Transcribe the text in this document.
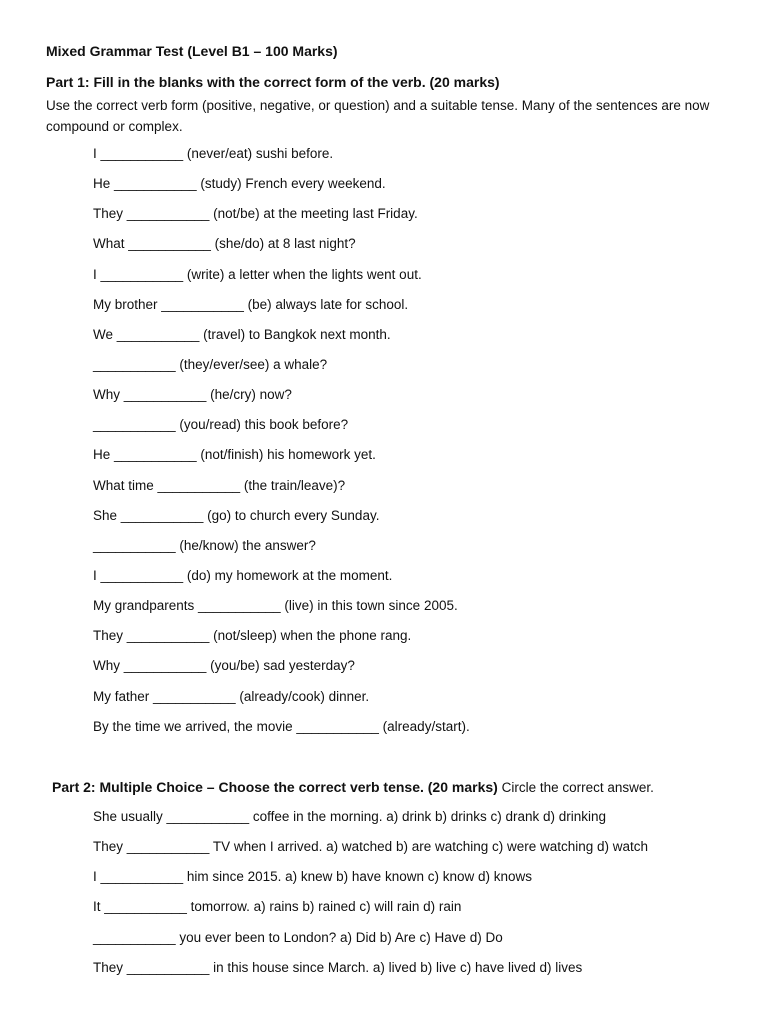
Mixed Grammar Test (Level B1 – 100 Marks)
Part 1: Fill in the blanks with the correct form of the verb. (20 marks)

Use the correct verb form (positive, negative, or question) and a suitable tense. Many of the sentences are now compound or complex.

I ___________ (never/eat) sushi before.
He ___________ (study) French every weekend.
They ___________ (not/be) at the meeting last Friday.
What ___________ (she/do) at 8 last night?
I ___________ (write) a letter when the lights went out.
My brother ___________ (be) always late for school.
We ___________ (travel) to Bangkok next month.
___________ (they/ever/see) a whale?
Why ___________ (he/cry) now?
___________ (you/read) this book before?
He ___________ (not/finish) his homework yet.
What time ___________ (the train/leave)?
She ___________ (go) to church every Sunday.
___________ (he/know) the answer?
I ___________ (do) my homework at the moment.
My grandparents ___________ (live) in this town since 2005.
They ___________ (not/sleep) when the phone rang.
Why ___________ (you/be) sad yesterday?
My father ___________ (already/cook) dinner.
By the time we arrived, the movie ___________ (already/start).

Part 2: Multiple Choice – Choose the correct verb tense. (20 marks) Circle the correct answer.

She usually ___________ coffee in the morning. a) drink b) drinks c) drank d) drinking
They ___________ TV when I arrived. a) watched b) are watching c) were watching d) watch
I ___________ him since 2015. a) knew b) have known c) know d) knows
It ___________ tomorrow. a) rains b) rained c) will rain d) rain
___________ you ever been to London? a) Did b) Are c) Have d) Do
They ___________ in this house since March. a) lived b) live c) have lived d) lives
